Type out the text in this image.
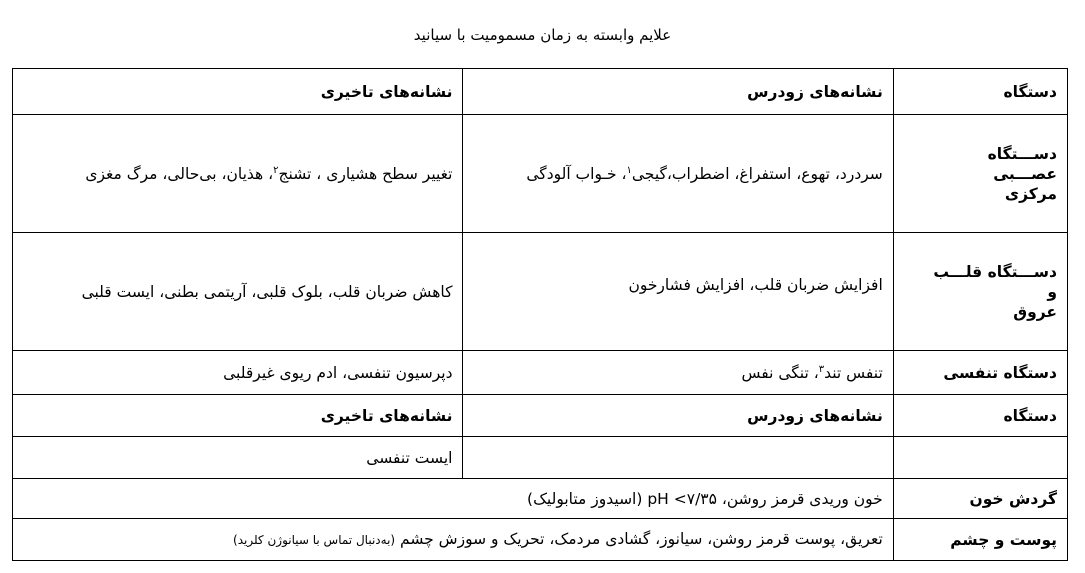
علایم وابسته به زمان مسمومیت با سیانید
دستگاه	نشانه‌های زودرس	نشانه‌های تاخیری

دســـتگاه
عصـــبی
مرکزی	سردرد، تهوع، استفراغ، اضطراب،گیجی$^۱$، خـواب آلودگی	تغییر سطح هشیاری ، تشنج$^۲$، هذیان، بی‌حالی، مرگ مغزی

دســـتگاه قلـــب
و
عروق	افزایش ضربان قلب، افزایش فشارخون	کاهش ضربان قلب، بلوک قلبی، آریتمی بطنی، ایست قلبی
دستگاه تنفسی	تنفس تند$^۳$، تنگی نفس	دپرسیون تنفسی، ادم ریوی غیرقلبی
دستگاه	نشانه‌های زودرس	نشانه‌های تاخیری
		ایست تنفسی
گردش خون	خون وریدی قرمز روشن، pH <۷/۳۵ (اسیدوز متابولیک)	
پوست و چشم	تعریق، پوست قرمز روشن، سیانوز، گشادی مردمک، تحریک و سوزش چشم (به‌دنبال تماس با سیانوژن کلرید)	
